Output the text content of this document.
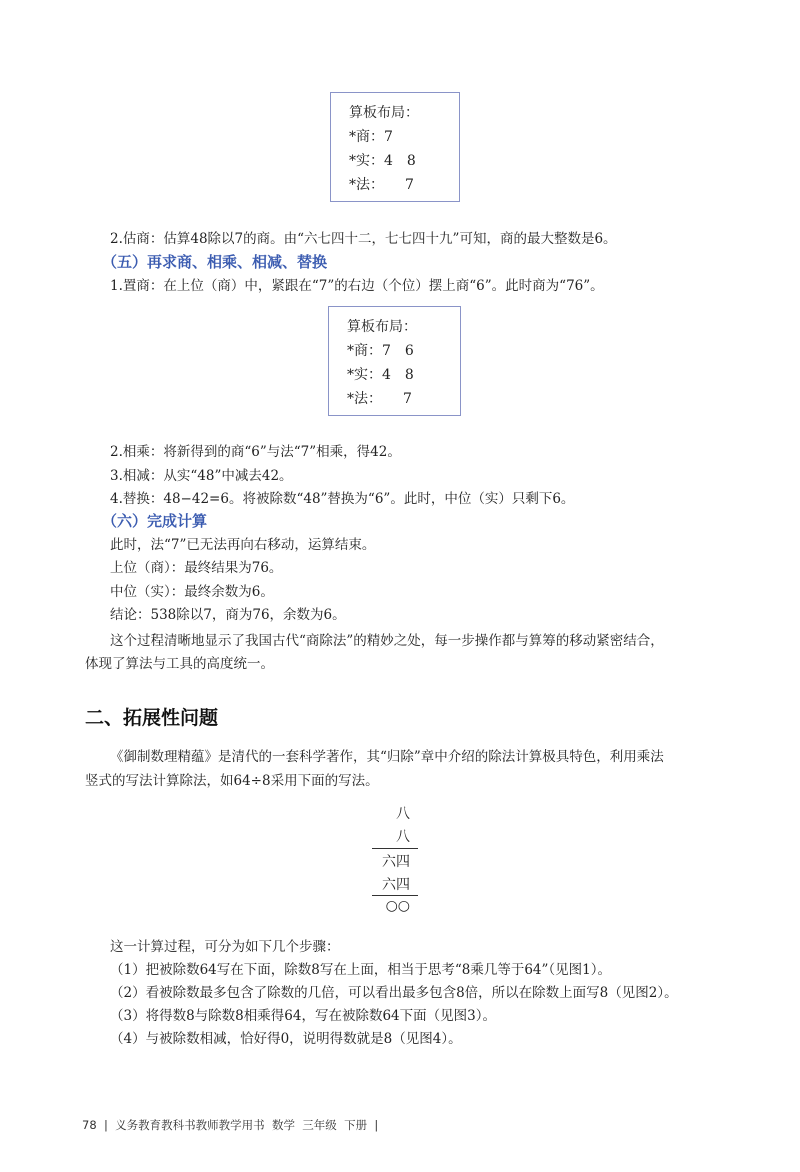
算板布局：
*商：7
*实：4　8
*法：　　7
2.估商：估算48除以7的商。由“六七四十二，七七四十九”可知，商的最大整数是6。
（五）再求商、相乘、相减、替换
1.置商：在上位（商）中，紧跟在“7”的右边（个位）摆上商“6”。此时商为“76”。
算板布局：
*商：7　6
*实：4　8
*法：　　7
2.相乘：将新得到的商“6”与法“7”相乘，得42。
3.相减：从实“48”中减去42。
4.替换：48−42=6。将被除数“48”替换为“6”。此时，中位（实）只剩下6。
（六）完成计算
此时，法“7”已无法再向右移动，运算结束。
上位（商）：最终结果为76。
中位（实）：最终余数为6。
结论：538除以7，商为76，余数为6。
这个过程清晰地显示了我国古代“商除法”的精妙之处，每一步操作都与算筹的移动紧密结合，
体现了算法与工具的高度统一。
二、拓展性问题
《御制数理精蕴》是清代的一套科学著作，其“归除”章中介绍的除法计算极具特色，利用乘法
竖式的写法计算除法，如64÷8采用下面的写法。
八
八
六四
六四
○○
这一计算过程，可分为如下几个步骤：
（1）把被除数64写在下面，除数8写在上面，相当于思考“8乘几等于64”（见图1）。
（2）看被除数最多包含了除数的几倍，可以看出最多包含8倍，所以在除数上面写8（见图2）。
（3）将得数8与除数8相乘得64，写在被除数64下面（见图3）。
（4）与被除数相减，恰好得0，说明得数就是8（见图4）。
78  |  义务教育教科书教师教学用书 数学 三年级 下册  |
